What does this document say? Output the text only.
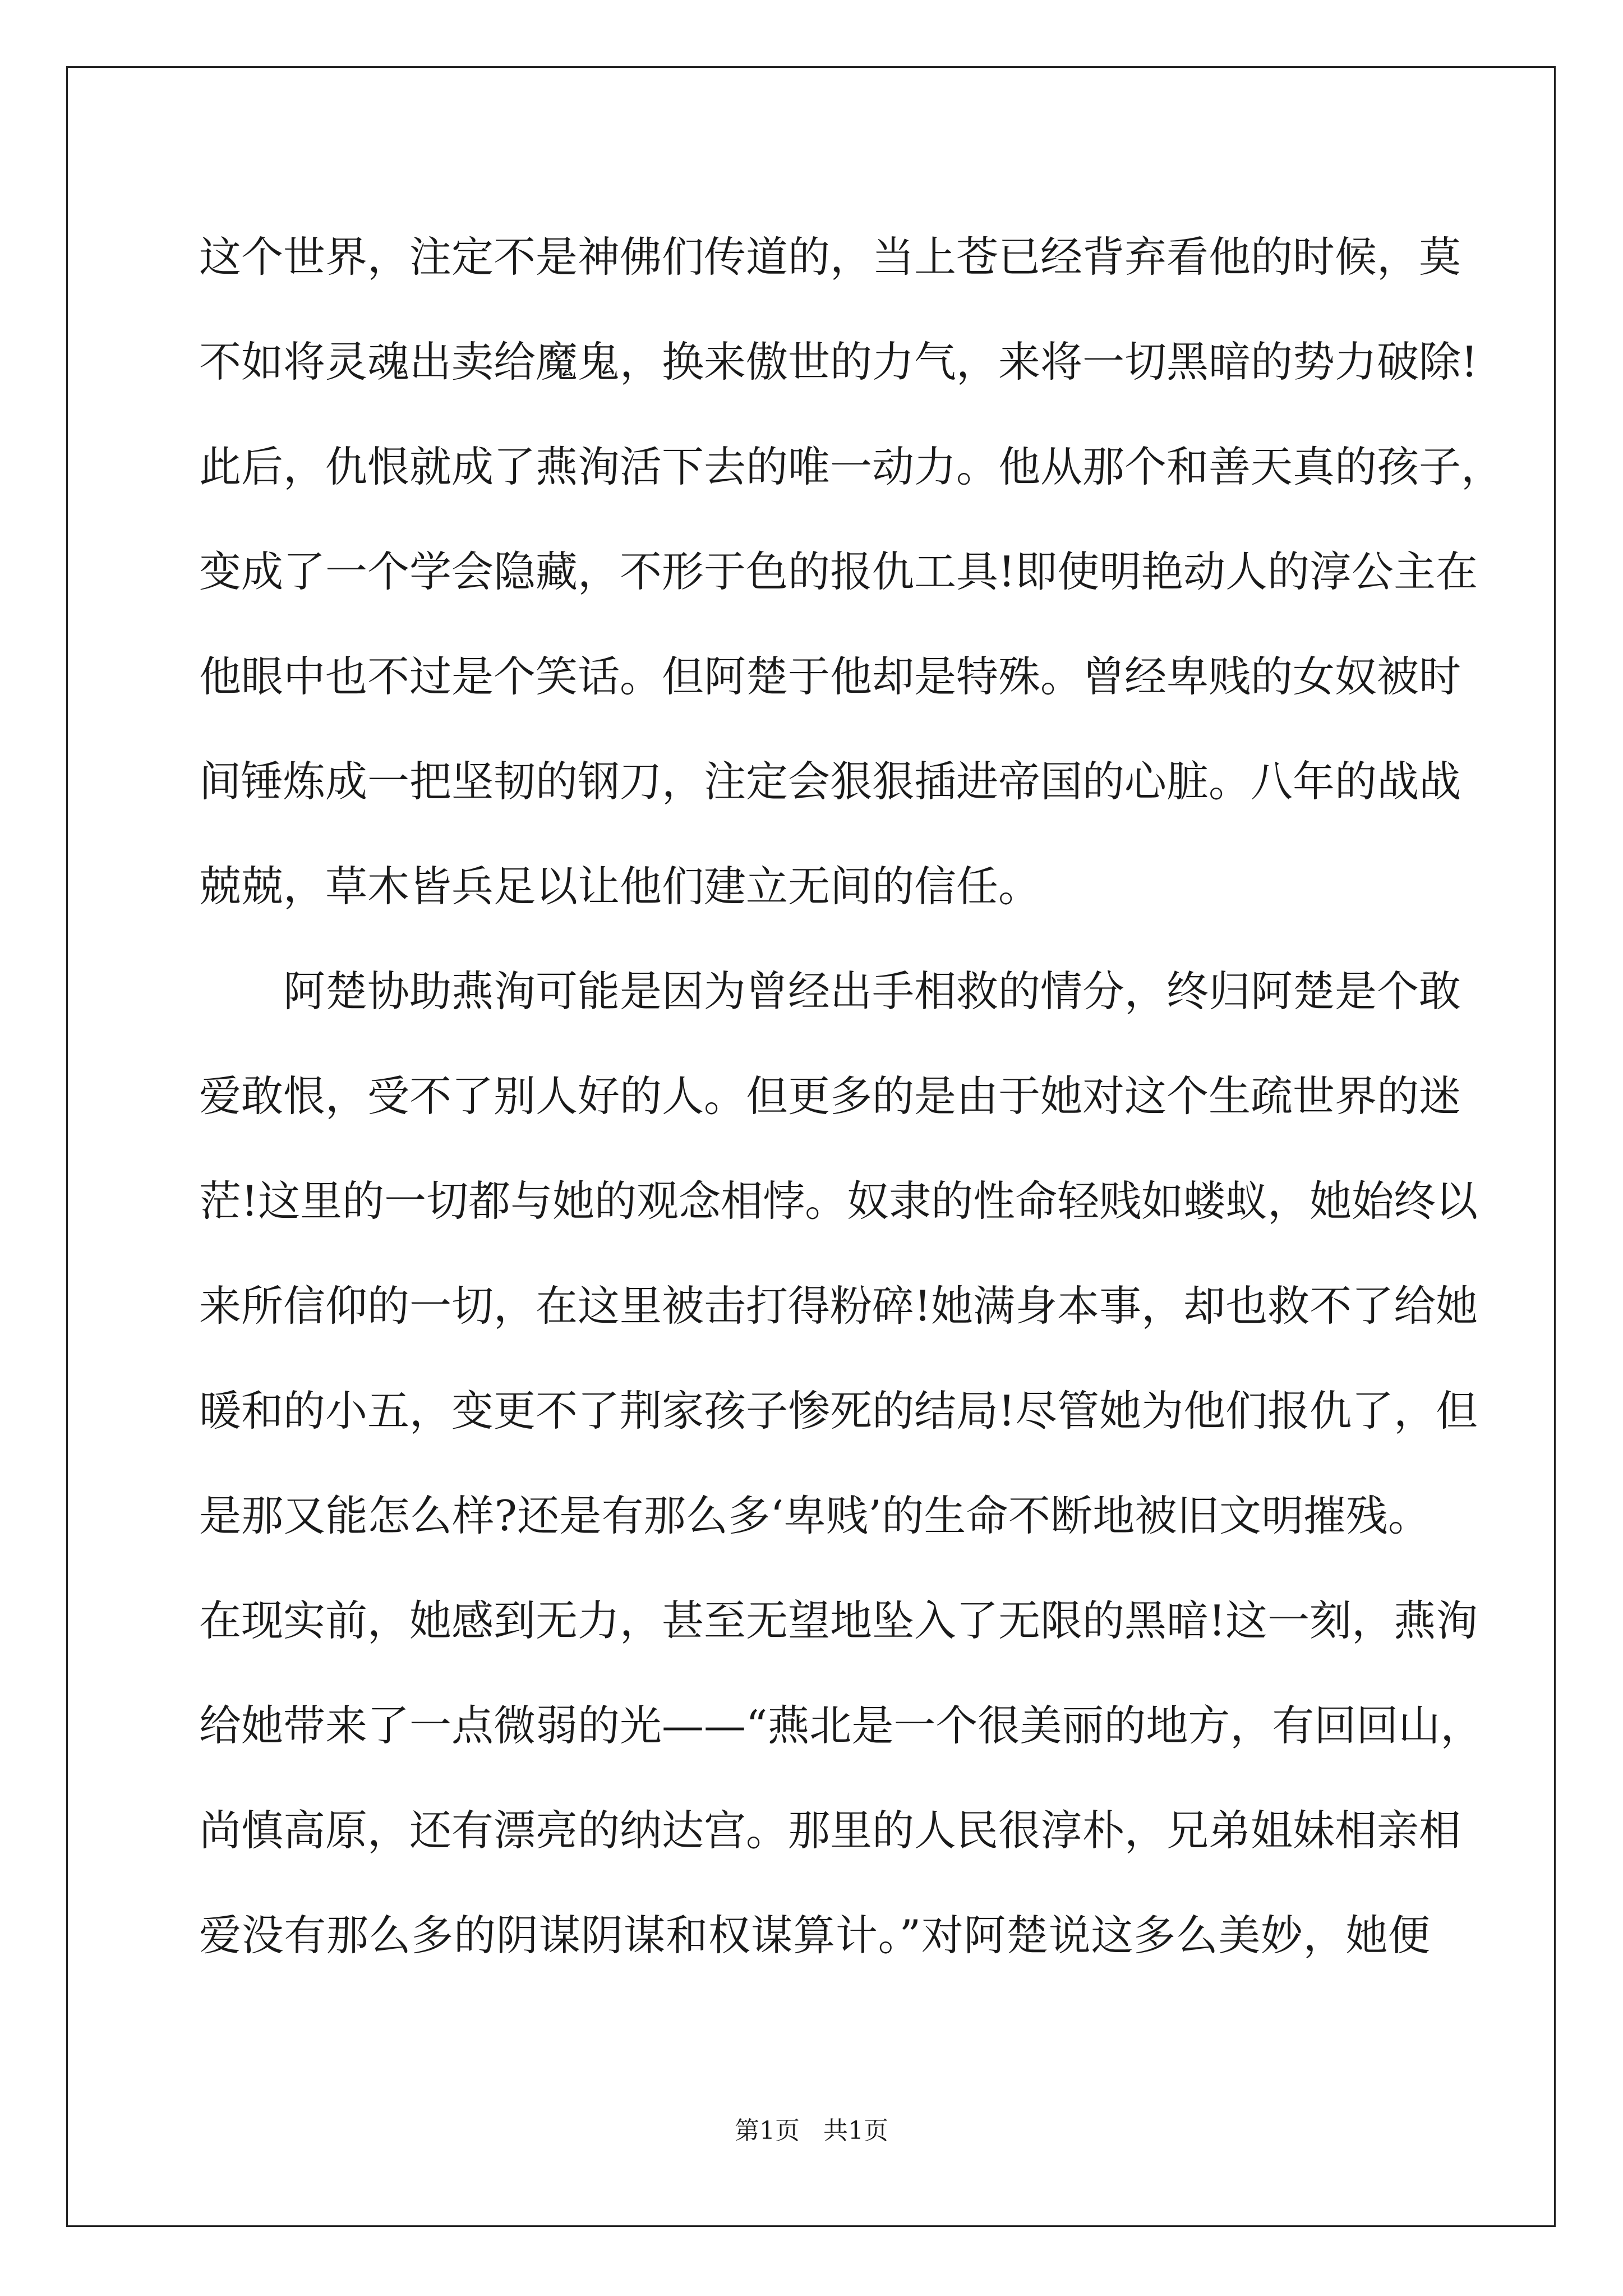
这个世界，注定不是神佛们传道的，当上苍已经背弃看他的时候，莫
不如将灵魂出卖给魔鬼，换来傲世的力气，来将一切黑暗的势力破除!
此后，仇恨就成了燕洵活下去的唯一动力。他从那个和善天真的孩子，
变成了一个学会隐藏，不形于色的报仇工具!即使明艳动人的淳公主在
他眼中也不过是个笑话。但阿楚于他却是特殊。曾经卑贱的女奴被时
间锤炼成一把坚韧的钢刀，注定会狠狠插进帝国的心脏。八年的战战
兢兢，草木皆兵足以让他们建立无间的信任。
阿楚协助燕洵可能是因为曾经出手相救的情分，终归阿楚是个敢
爱敢恨，受不了别人好的人。但更多的是由于她对这个生疏世界的迷
茫!这里的一切都与她的观念相悖。奴隶的性命轻贱如蝼蚁，她始终以
来所信仰的一切，在这里被击打得粉碎!她满身本事，却也救不了给她
暖和的小五，变更不了荆家孩子惨死的结局!尽管她为他们报仇了，但
是那又能怎么样?还是有那么多‘卑贱’的生命不断地被旧文明摧残。
在现实前，她感到无力，甚至无望地坠入了无限的黑暗!这一刻，燕洵
给她带来了一点微弱的光——“燕北是一个很美丽的地方，有回回山，
尚慎高原，还有漂亮的纳达宫。那里的人民很淳朴，兄弟姐妹相亲相
爱没有那么多的阴谋阴谋和权谋算计。”对阿楚说这多么美妙，她便
第1页   共1页
